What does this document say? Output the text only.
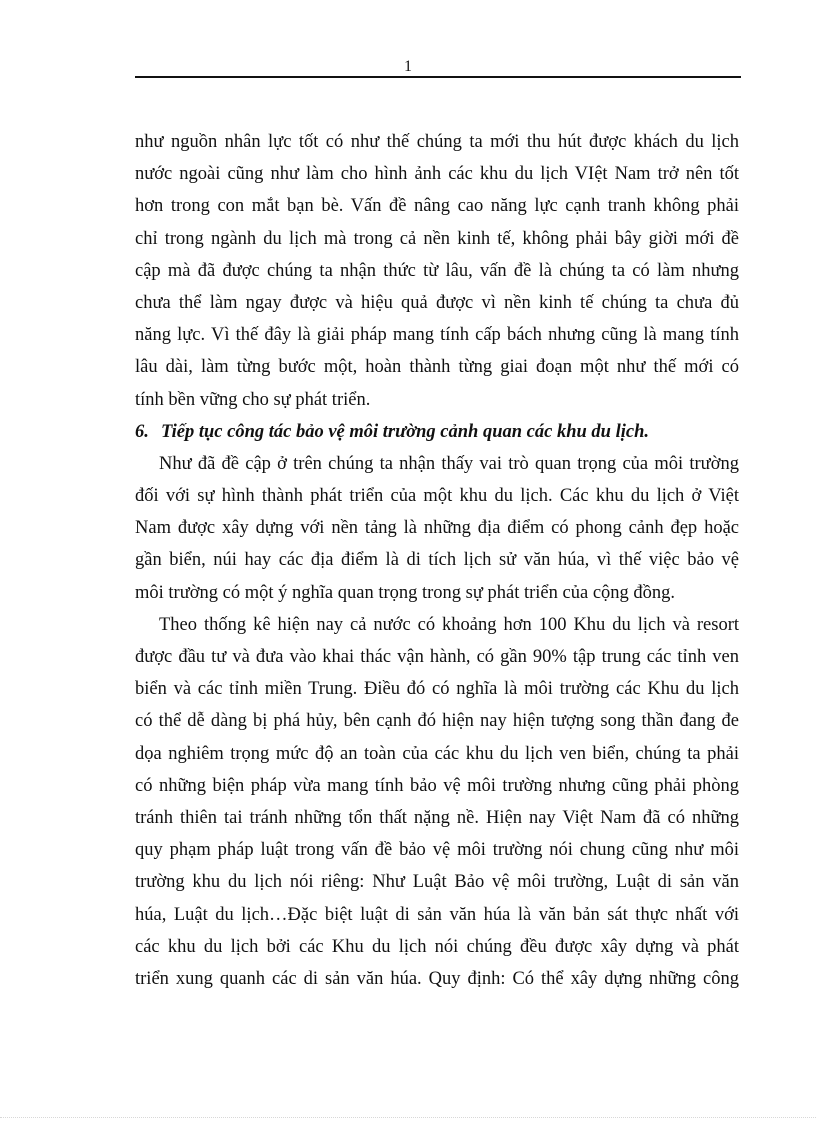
1
như nguồn nhân lực tốt có như thế chúng ta mới thu hút được khách du lịch
nước ngoài cũng như làm cho hình ảnh các khu du lịch VIệt Nam trở nên tốt
hơn trong con mắt bạn bè. Vấn đề nâng cao năng lực cạnh tranh không phải
chỉ trong ngành du lịch mà trong cả nền kinh tế, không phải bây giời mới đề
cập mà đã được chúng ta nhận thức từ lâu, vấn đề là chúng ta có làm nhưng
chưa thể làm ngay được và hiệu quả được vì nền kinh tế chúng ta chưa đủ
năng lực. Vì thế đây là giải pháp mang tính cấp bách nhưng cũng là mang tính
lâu dài, làm từng bước một, hoàn thành từng giai đoạn một như thế mới có
tính bền vững cho sự phát triển.
6. Tiếp tục công tác bảo vệ môi trường cảnh quan các khu du lịch.
Như đã đề cập ở trên chúng ta nhận thấy vai trò quan trọng của môi trường
đối với sự hình thành phát triển của một khu du lịch. Các khu du lịch ở Việt
Nam được xây dựng với nền tảng là những địa điểm có phong cảnh đẹp hoặc
gần biển, núi hay các địa điểm là di tích lịch sử văn húa, vì thế việc bảo vệ
môi trường có một ý nghĩa quan trọng trong sự phát triển của cộng đồng.
Theo thống kê hiện nay cả nước có khoảng hơn 100 Khu du lịch và resort
được đầu tư và đưa vào khai thác vận hành, có gần 90% tập trung các tỉnh ven
biển và các tỉnh miền Trung. Điều đó có nghĩa là môi trường các Khu du lịch
có thể dễ dàng bị phá hủy, bên cạnh đó hiện nay hiện tượng song thần đang đe
dọa nghiêm trọng mức độ an toàn của các khu du lịch ven biển, chúng ta phải
có những biện pháp vừa mang tính bảo vệ môi trường nhưng cũng phải phòng
tránh thiên tai tránh những tổn thất nặng nề. Hiện nay Việt Nam đã có những
quy phạm pháp luật trong vấn đề bảo vệ môi trường nói chung cũng như môi
trường khu du lịch nói riêng: Như Luật Bảo vệ môi trường, Luật di sản văn
húa, Luật du lịch…Đặc biệt luật di sản văn húa là văn bản sát thực nhất với
các khu du lịch bởi các Khu du lịch nói chúng đều được xây dựng và phát
triển xung quanh các di sản văn húa. Quy định: Có thể xây dựng những công
